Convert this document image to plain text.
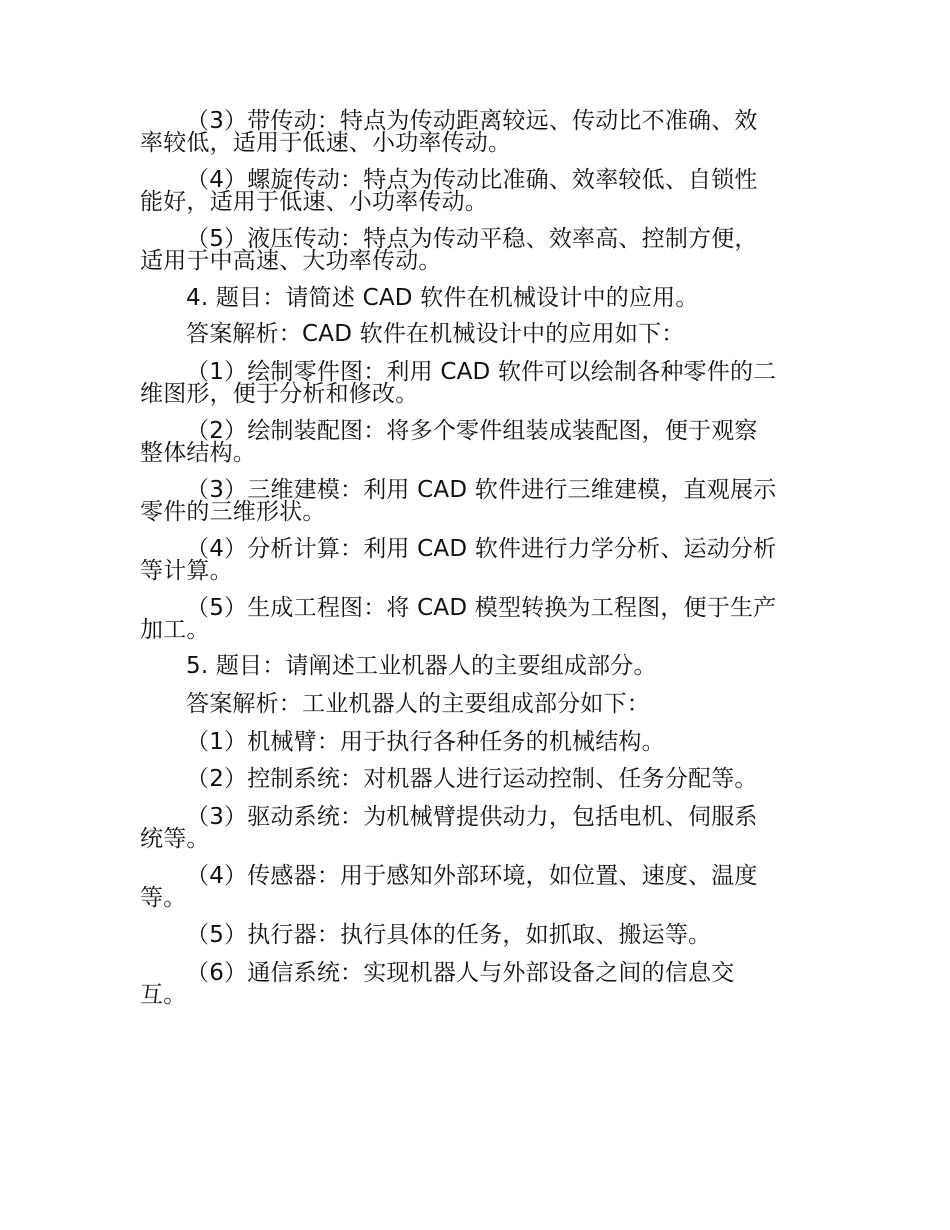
（3）带传动：特点为传动距离较远、传动比不准确、效
率较低，适用于低速、小功率传动。
（4）螺旋传动：特点为传动比准确、效率较低、自锁性
能好，适用于低速、小功率传动。
（5）液压传动：特点为传动平稳、效率高、控制方便，
适用于中高速、大功率传动。
4. 题目：请简述 CAD 软件在机械设计中的应用。
答案解析：CAD 软件在机械设计中的应用如下：
（1）绘制零件图：利用 CAD 软件可以绘制各种零件的二
维图形，便于分析和修改。
（2）绘制装配图：将多个零件组装成装配图，便于观察
整体结构。
（3）三维建模：利用 CAD 软件进行三维建模，直观展示
零件的三维形状。
（4）分析计算：利用 CAD 软件进行力学分析、运动分析
等计算。
（5）生成工程图：将 CAD 模型转换为工程图，便于生产
加工。
5. 题目：请阐述工业机器人的主要组成部分。
答案解析：工业机器人的主要组成部分如下：
（1）机械臂：用于执行各种任务的机械结构。
（2）控制系统：对机器人进行运动控制、任务分配等。
（3）驱动系统：为机械臂提供动力，包括电机、伺服系
统等。
（4）传感器：用于感知外部环境，如位置、速度、温度
等。
（5）执行器：执行具体的任务，如抓取、搬运等。
（6）通信系统：实现机器人与外部设备之间的信息交
互。
